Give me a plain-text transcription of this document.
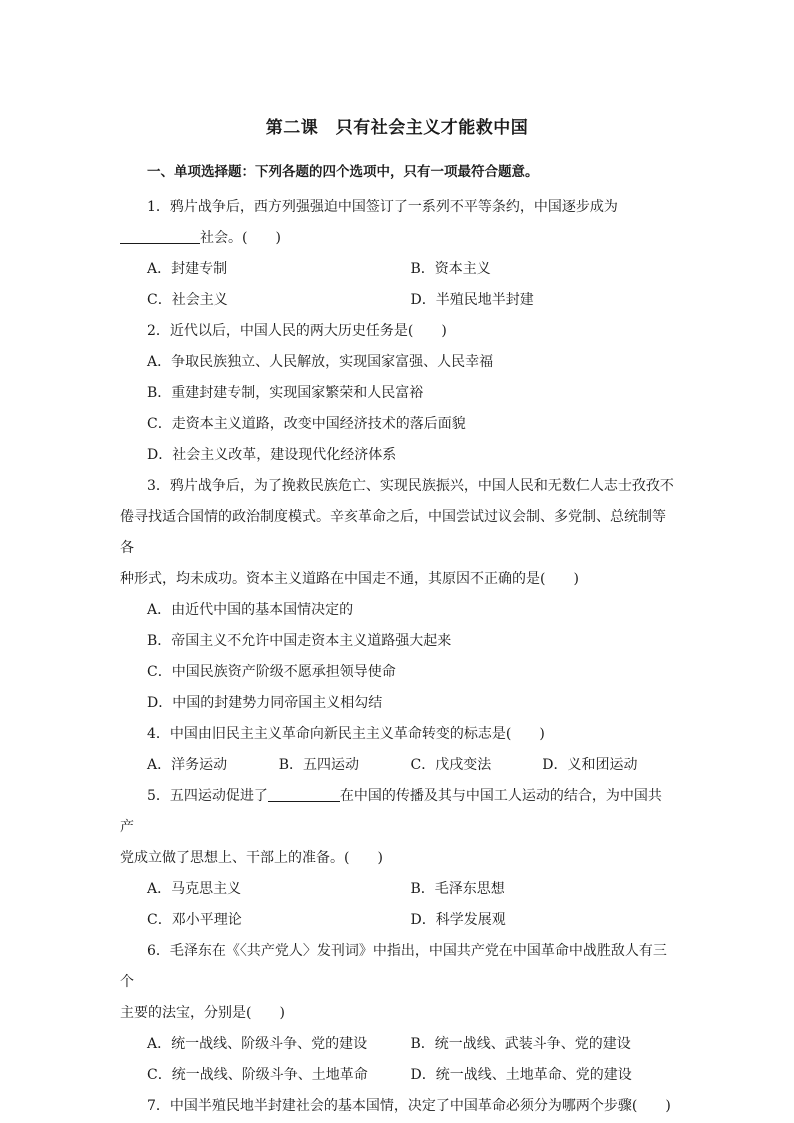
第二课　只有社会主义才能救中国
一、单项选择题：下列各题的四个选项中，只有一项最符合题意。

1．鸦片战争后，西方列强强迫中国签订了一系列不平等条约，中国逐步成为

社会。(　　)

A．封建专制	B．资本主义
C．社会主义	D．半殖民地半封建

2．近代以后，中国人民的两大历史任务是(　　)

A．争取民族独立、人民解放，实现国家富强、人民幸福
B．重建封建专制，实现国家繁荣和人民富裕
C．走资本主义道路，改变中国经济技术的落后面貌
D．社会主义改革，建设现代化经济体系

3．鸦片战争后，为了挽救民族危亡、实现民族振兴，中国人民和无数仁人志士孜孜不

倦寻找适合国情的政治制度模式。辛亥革命之后，中国尝试过议会制、多党制、总统制等各

种形式，均未成功。资本主义道路在中国走不通，其原因不正确的是(　　)

A．由近代中国的基本国情决定的
B．帝国主义不允许中国走资本主义道路强大起来
C．中国民族资产阶级不愿承担领导使命
D．中国的封建势力同帝国主义相勾结

4．中国由旧民主主义革命向新民主主义革命转变的标志是(　　)

A．洋务运动	B．五四运动	C．戊戌变法	D．义和团运动

5．五四运动促进了	在中国的传播及其与中国工人运动的结合，为中国共产

党成立做了思想上、干部上的准备。(　　)

A．马克思主义	B．毛泽东思想
C．邓小平理论	D．科学发展观

6．毛泽东在《〈共产党人〉发刊词》中指出，中国共产党在中国革命中战胜敌人有三个

主要的法宝，分别是(　　)

A．统一战线、阶级斗争、党的建设	B．统一战线、武装斗争、党的建设
C．统一战线、阶级斗争、土地革命	D．统一战线、土地革命、党的建设

7．中国半殖民地半封建社会的基本国情，决定了中国革命必须分为哪两个步骤(　　)
